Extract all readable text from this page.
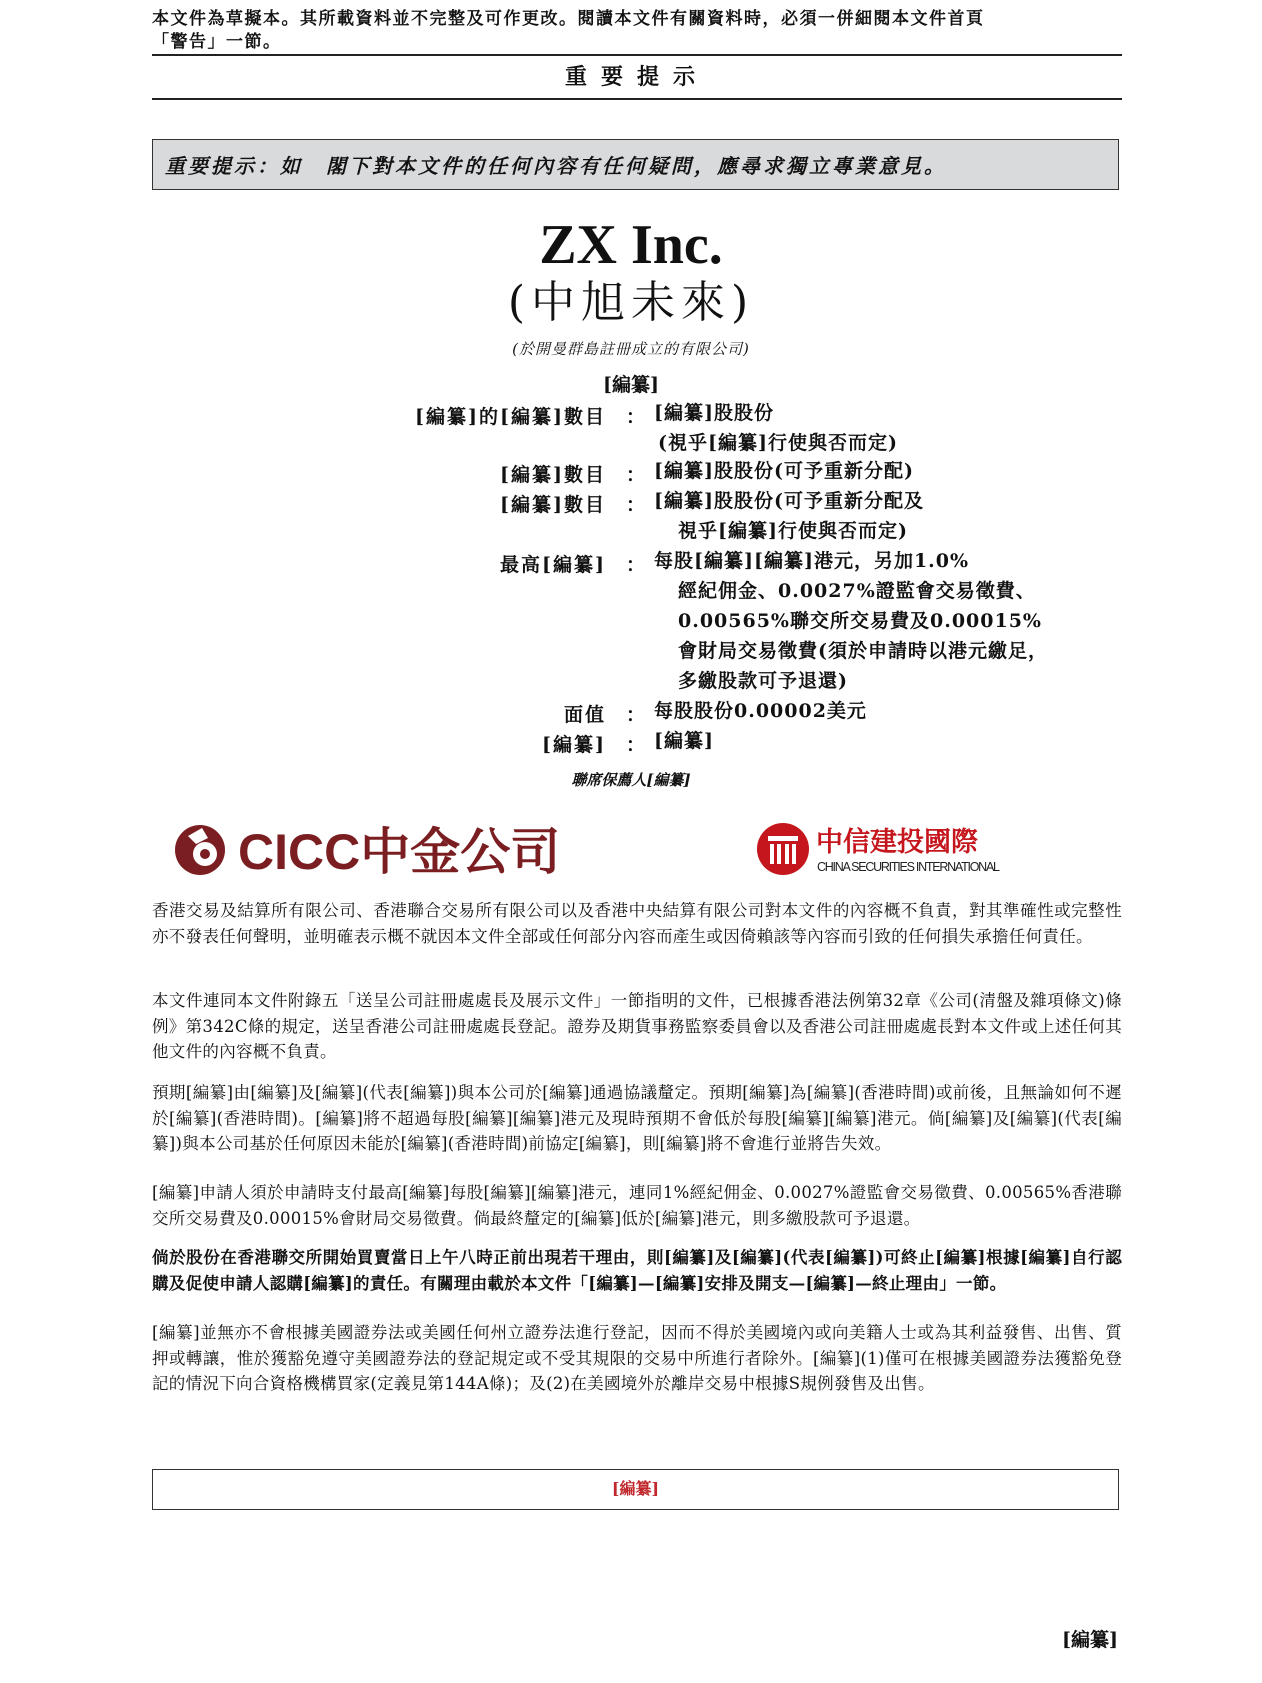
本文件為草擬本。其所載資料並不完整及可作更改。閱讀本文件有關資料時，必須一併細閱本文件首頁
「警告」一節。
重要提示
重要提示：如　閣下對本文件的任何內容有任何疑問，應尋求獨立專業意見。
ZX Inc.
(中旭未來)
(於開曼群島註冊成立的有限公司)
[編纂]
[編纂]的[編纂]數目 ： [編纂]股股份
(視乎[編纂]行使與否而定)
[編纂]數目 ： [編纂]股股份(可予重新分配)
[編纂]數目 ： [編纂]股股份(可予重新分配及
視乎[編纂]行使與否而定)
最高[編纂] ： 每股[編纂][編纂]港元，另加1.0%
經紀佣金、0.0027%證監會交易徵費、
0.00565%聯交所交易費及0.00015%
會財局交易徵費(須於申請時以港元繳足，
多繳股款可予退還)
面值 ： 每股股份0.00002美元
[編纂] ： [編纂]
聯席保薦人[編纂]
CICC中金公司	中信建投國際
CHINA SECURITIES INTERNATIONAL
香港交易及結算所有限公司、香港聯合交易所有限公司以及香港中央結算有限公司對本文件的內容概不負責，對其準確性或完整性亦不發表任何聲明，並明確表示概不就因本文件全部或任何部分內容而產生或因倚賴該等內容而引致的任何損失承擔任何責任。
本文件連同本文件附錄五「送呈公司註冊處處長及展示文件」一節指明的文件，已根據香港法例第32章《公司(清盤及雜項條文)條例》第342C條的規定，送呈香港公司註冊處處長登記。證券及期貨事務監察委員會以及香港公司註冊處處長對本文件或上述任何其他文件的內容概不負責。
預期[編纂]由[編纂]及[編纂](代表[編纂])與本公司於[編纂]通過協議釐定。預期[編纂]為[編纂](香港時間)或前後，且無論如何不遲於[編纂](香港時間)。[編纂]將不超過每股[編纂][編纂]港元及現時預期不會低於每股[編纂][編纂]港元。倘[編纂]及[編纂](代表[編纂])與本公司基於任何原因未能於[編纂](香港時間)前協定[編纂]，則[編纂]將不會進行並將告失效。
[編纂]申請人須於申請時支付最高[編纂]每股[編纂][編纂]港元，連同1%經紀佣金、0.0027%證監會交易徵費、0.00565%香港聯交所交易費及0.00015%會財局交易徵費。倘最終釐定的[編纂]低於[編纂]港元，則多繳股款可予退還。
倘於股份在香港聯交所開始買賣當日上午八時正前出現若干理由，則[編纂]及[編纂](代表[編纂])可終止[編纂]根據[編纂]自行認購及促使申請人認購[編纂]的責任。有關理由載於本文件「[編纂]—[編纂]安排及開支—[編纂]—終止理由」一節。
[編纂]並無亦不會根據美國證券法或美國任何州立證券法進行登記，因而不得於美國境內或向美籍人士或為其利益發售、出售、質押或轉讓，惟於獲豁免遵守美國證券法的登記規定或不受其規限的交易中所進行者除外。[編纂](1)僅可在根據美國證券法獲豁免登記的情況下向合資格機構買家(定義見第144A條)；及(2)在美國境外於離岸交易中根據S規例發售及出售。
[編纂]
[編纂]
